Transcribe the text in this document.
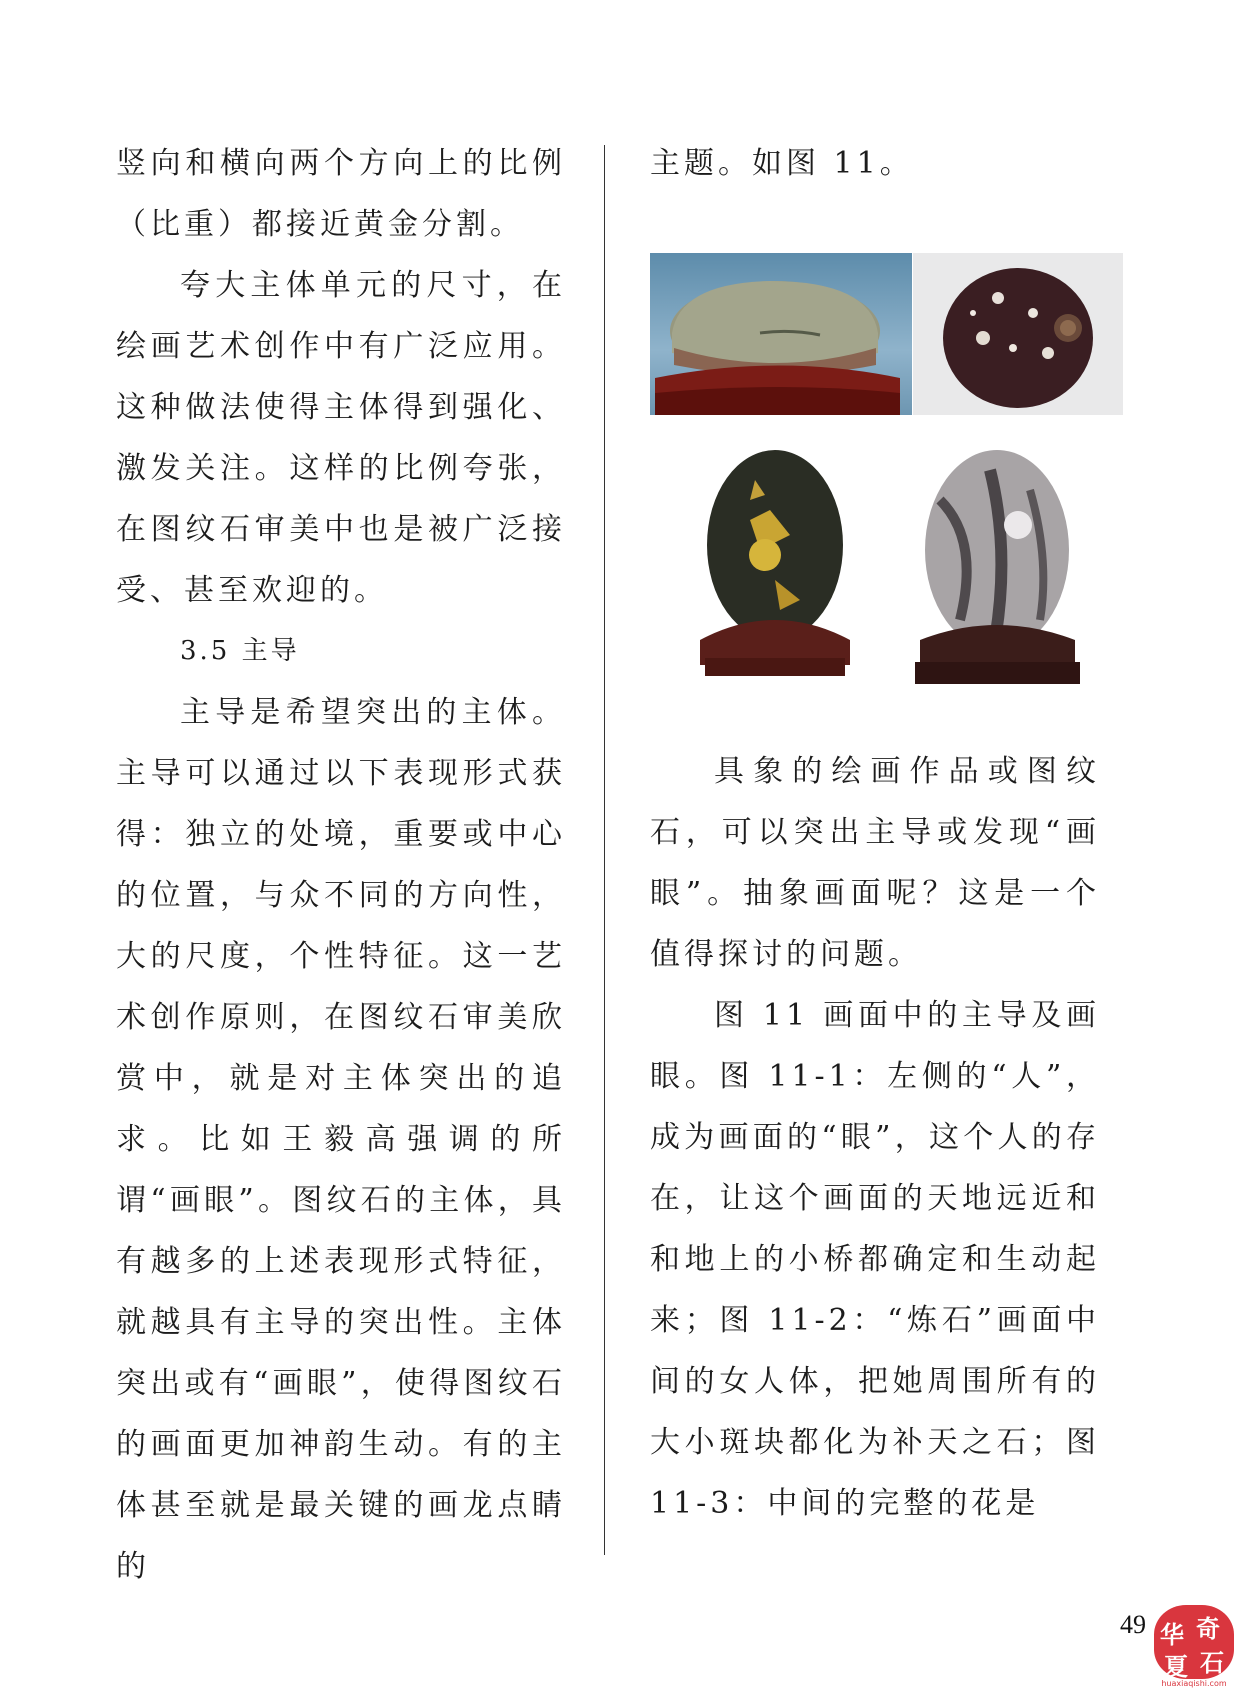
竖向和横向两个方向上的比例（比重）都接近黄金分割。

夸大主体单元的尺寸，在绘画艺术创作中有广泛应用。这种做法使得主体得到强化、激发关注。这样的比例夸张，在图纹石审美中也是被广泛接受、甚至欢迎的。

3.5 主导

主导是希望突出的主体。主导可以通过以下表现形式获得：独立的处境，重要或中心的位置，与众不同的方向性，大的尺度，个性特征。这一艺术创作原则，在图纹石审美欣赏中，就是对主体突出的追求。比如王毅高强调的所谓“画眼”。图纹石的主体，具有越多的上述表现形式特征，就越具有主导的突出性。主体突出或有“画眼”，使得图纹石的画面更加神韵生动。有的主体甚至就是最关键的画龙点睛的

主题。如图 11。

具象的绘画作品或图纹石，可以突出主导或发现“画眼”。抽象画面呢？这是一个值得探讨的问题。

图 11 画面中的主导及画眼。图 11-1：左侧的“人”，成为画面的“眼”，这个人的存在，让这个画面的天地远近和和地上的小桥都确定和生动起来；图 11-2：“炼石”画面中间的女人体，把她周围所有的大小斑块都化为补天之石；图 11-3：中间的完整的花是

49 华
夏
奇
石
huaxiaqishi.com
